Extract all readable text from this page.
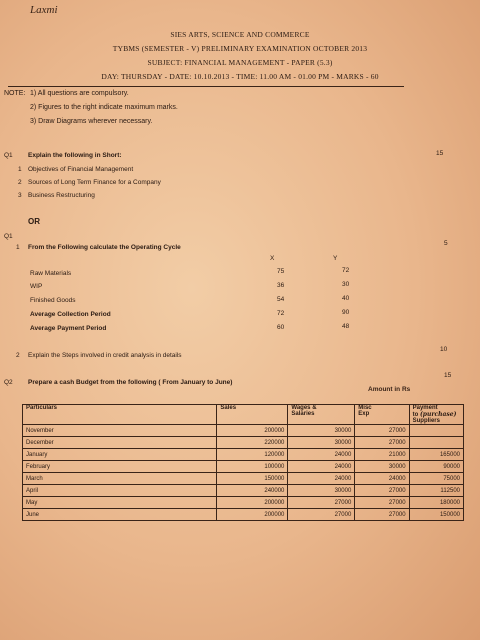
Laxmi
SIES ARTS, SCIENCE AND COMMERCE
TYBMS (SEMESTER - V) PRELIMINARY EXAMINATION OCTOBER 2013
SUBJECT: FINANCIAL MANAGEMENT - PAPER (5.3)
DAY: THURSDAY - DATE: 10.10.2013 - TIME: 11.00 AM - 01.00 PM - MARKS - 60
NOTE: 1) All questions are compulsory.
2) Figures to the right indicate maximum marks.
3) Draw Diagrams wherever necessary.
Q1 Explain the following in Short:	15
1 Objectives of Financial Management
2 Sources of Long Term Finance for a Company
3 Business Restructuring
OR
Q1
1 From the Following calculate the Operating Cycle
5
X	Y
Raw Materials	75	72
WIP	36	30
Finished Goods	54	40
Average Collection Period	72	90
Average Payment Period	60	48
2 Explain the Steps involved in credit analysis in details
10
Q2 Prepare a cash Budget from the following ( From January to June)
15
Amount in Rs
Particulars	Sales	Wages &
Salaries	Misc
Exp	Payment
to (purchase)
Suppliers
November	200000	30000	27000	
December	220000	30000	27000	
January	120000	24000	21000	165000
February	100000	24000	30000	90000
March	150000	24000	24000	75000
April	240000	30000	27000	112500
May	200000	27000	27000	180000
June	200000	27000	27000	150000
